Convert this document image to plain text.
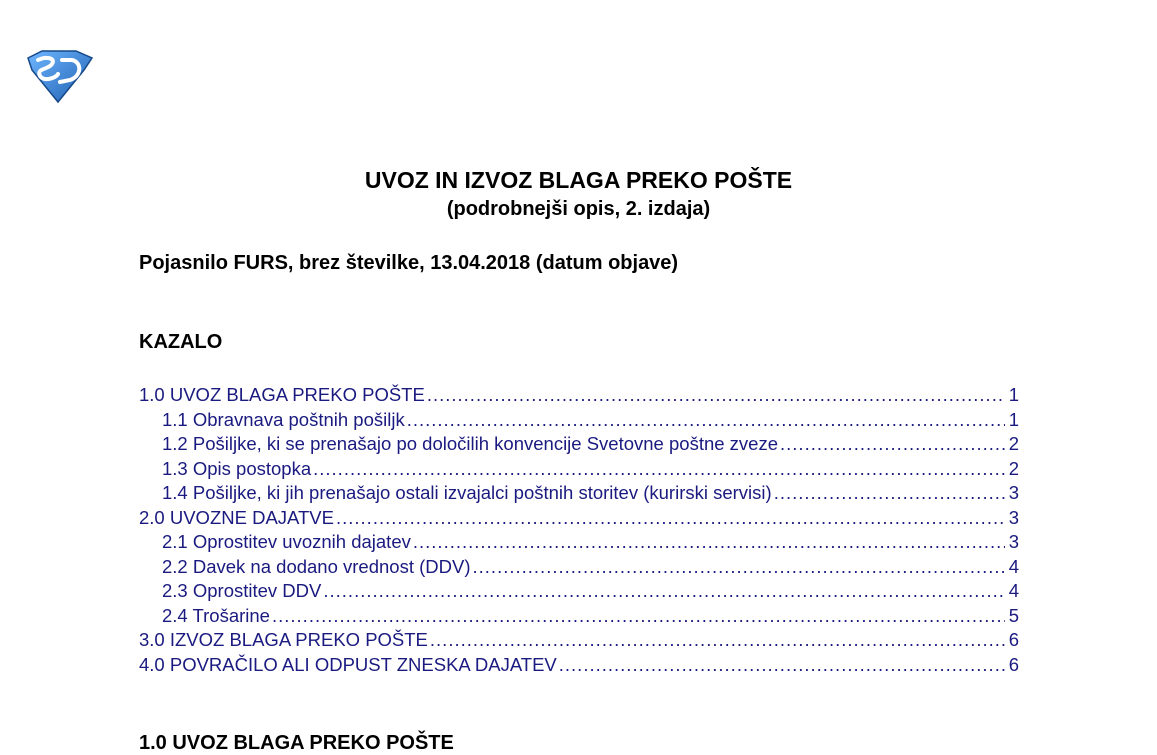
UVOZ IN IZVOZ BLAGA PREKO POŠTE
(podrobnejši opis, 2. izdaja)
Pojasnilo FURS, brez številke, 13.04.2018 (datum objave)
KAZALO
1.0 UVOZ BLAGA PREKO POŠTE .....	1
1.1 Obravnava poštnih pošiljk .....	1
1.2 Pošiljke, ki se prenašajo po določilih konvencije Svetovne poštne zveze .....	2
1.3 Opis postopka .....	2
1.4 Pošiljke, ki jih prenašajo ostali izvajalci poštnih storitev (kurirski servisi) .....	3
2.0 UVOZNE DAJATVE .....	3
2.1 Oprostitev uvoznih dajatev .....	3
2.2 Davek na dodano vrednost (DDV) .....	4
2.3 Oprostitev DDV .....	4
2.4 Trošarine .....	5
3.0 IZVOZ BLAGA PREKO POŠTE .....	6
4.0 POVRAČILO ALI ODPUST ZNESKA DAJATEV .....	6
1.0 UVOZ BLAGA PREKO POŠTE
